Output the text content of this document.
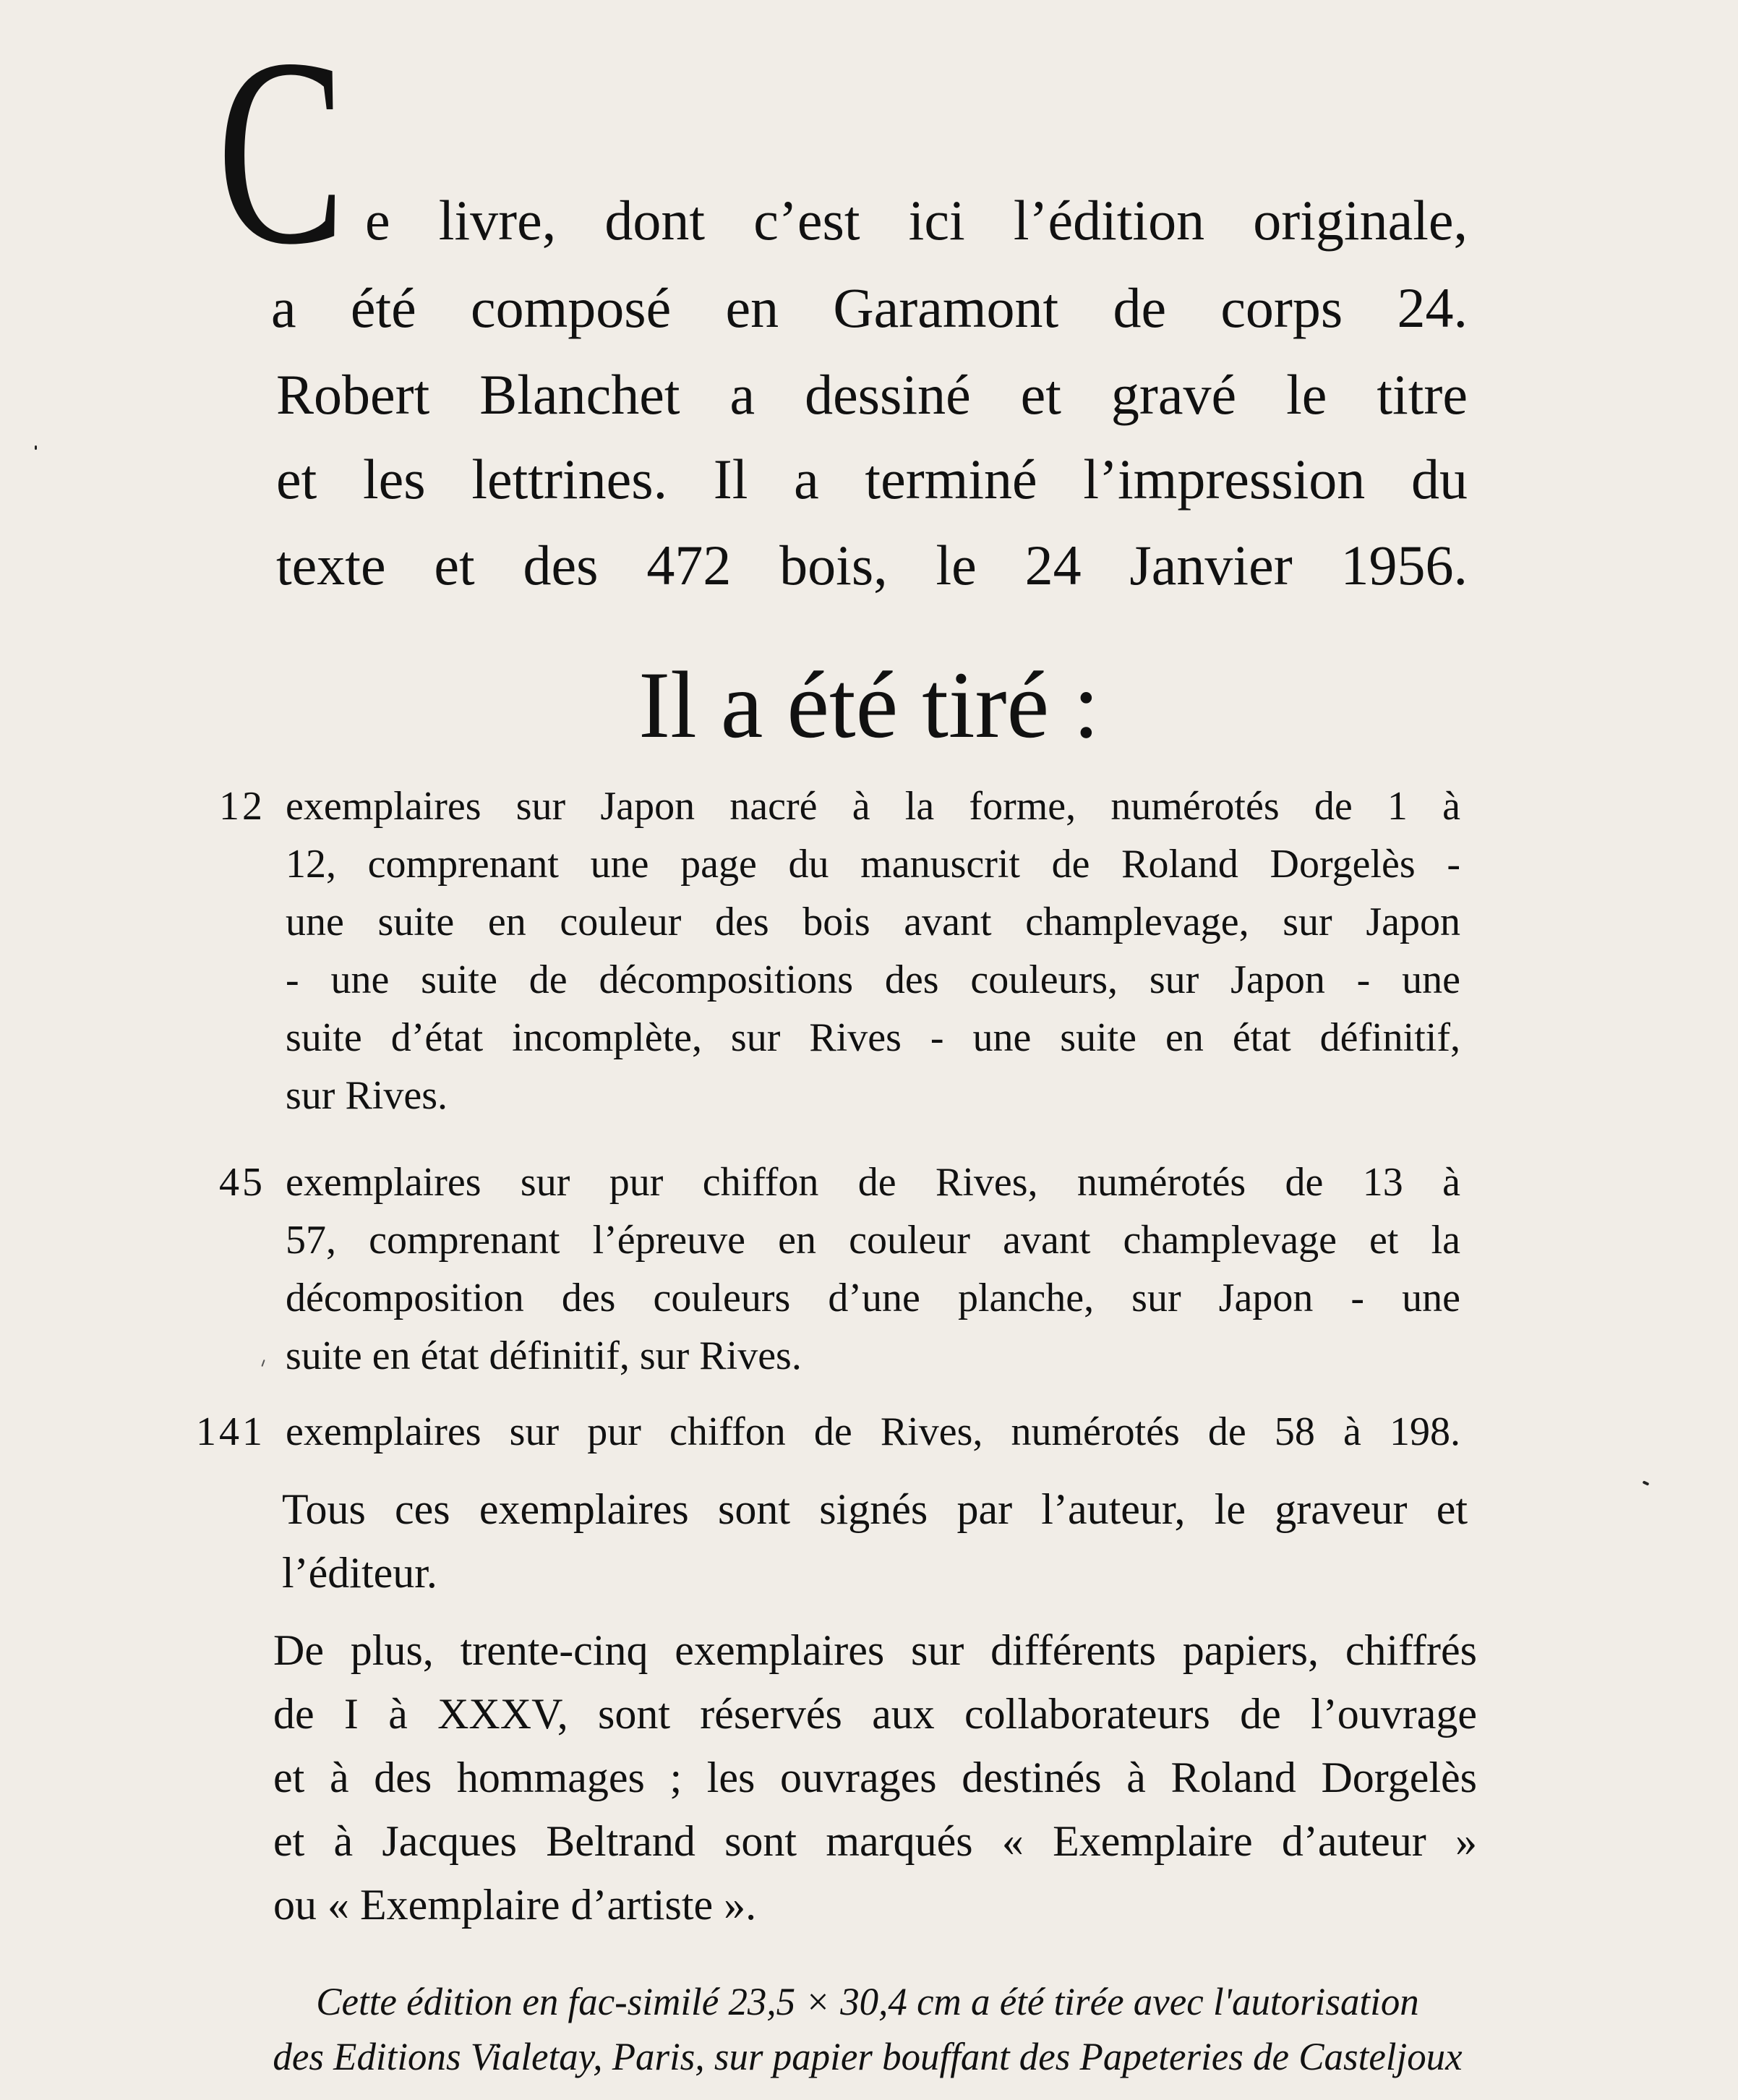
C e livre, dont c’est ici l’édition originale,
a été composé en Garamont de corps 24.
Robert Blanchet a dessiné et gravé le titre
et les lettrines. Il a terminé l’impression du
texte et des 472 bois, le 24 Janvier 1956.
Il a été tiré :
12 exemplaires sur Japon nacré à la forme, numérotés de 1 à
12, comprenant une page du manuscrit de Roland Dorgelès -
une suite en couleur des bois avant champlevage, sur Japon
- une suite de décompositions des couleurs, sur Japon - une
suite d’état incomplète, sur Rives - une suite en état définitif,
sur Rives.
45 exemplaires sur pur chiffon de Rives, numérotés de 13 à
57, comprenant l’épreuve en couleur avant champlevage et la
décomposition des couleurs d’une planche, sur Japon - une
suite en état définitif, sur Rives.
141 exemplaires sur pur chiffon de Rives, numérotés de 58 à 198.
Tous ces exemplaires sont signés par l’auteur, le graveur et
l’éditeur.
De plus, trente-cinq exemplaires sur différents papiers, chiffrés
de I à XXXV, sont réservés aux collaborateurs de l’ouvrage
et à des hommages ; les ouvrages destinés à Roland Dorgelès
et à Jacques Beltrand sont marqués « Exemplaire d’auteur »
ou « Exemplaire d’artiste ».
Cette édition en fac-similé 23,5 × 30,4 cm a été tirée avec l'autorisation
des Editions Vialetay, Paris, sur papier bouffant des Papeteries de Casteljoux
